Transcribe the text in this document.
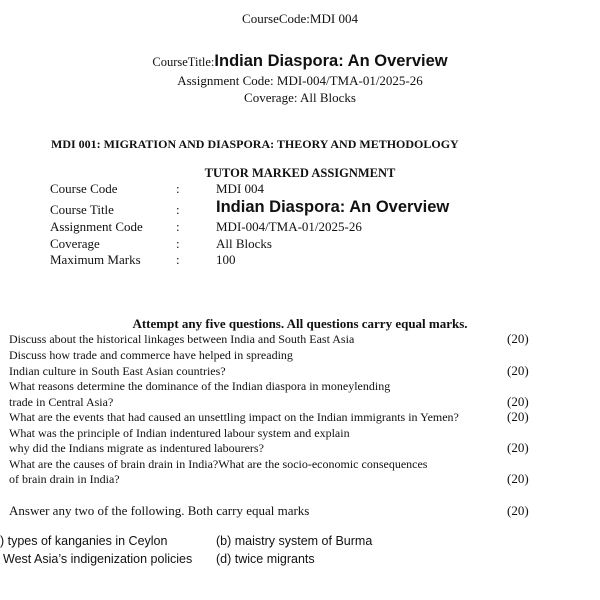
CourseCode:MDI 004
CourseTitle:Indian Diaspora: An Overview
Assignment Code: MDI-004/TMA-01/2025-26
Coverage: All Blocks
MDI 001: MIGRATION AND DIASPORA: THEORY AND METHODOLOGY
TUTOR MARKED ASSIGNMENT
Course Code	:	MDI 004
Course Title	: Indian Diaspora: An Overview
Assignment Code	:	MDI-004/TMA-01/2025-26
Coverage	:	All Blocks
Maximum Marks	:	100
Attempt any five questions. All questions carry equal marks.
Discuss about the historical linkages between India and South East Asia	(20)
Discuss how trade and commerce have helped in spreading
Indian culture in South East Asian countries?	(20)
What reasons determine the dominance of the Indian diaspora in moneylending
trade in Central Asia?	(20)
What are the events that had caused an unsettling impact on the Indian immigrants in Yemen?	(20)
What was the principle of Indian indentured labour system and explain
why did the Indians migrate as indentured labourers?	(20)
What are the causes of brain drain in India?What are the socio-economic consequences
of brain drain in India?	(20)
Answer any two of the following. Both carry equal marks	(20)
) types of kanganies in Ceylon	(b) maistry system of Burma
West Asia’s indigenization policies (d) twice migrants
